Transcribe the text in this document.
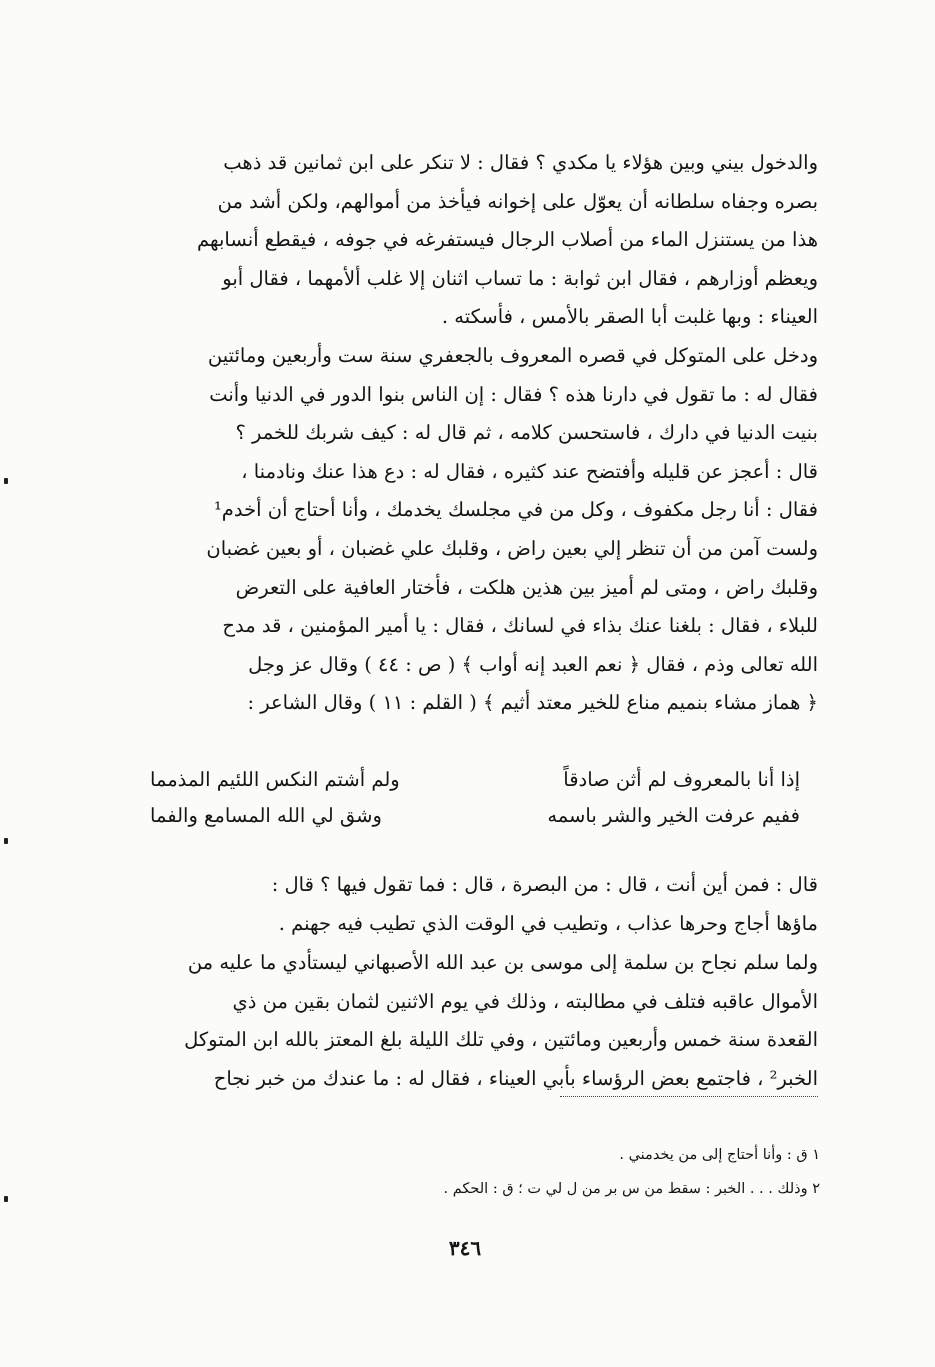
والدخول بيني وبين هؤلاء يا مكدي ؟ فقال : لا تنكر على ابن ثمانين قد ذهب
بصره وجفاه سلطانه أن يعوّل على إخوانه فيأخذ من أموالهم، ولكن أشد من
هذا من يستنزل الماء من أصلاب الرجال فيستفرغه في جوفه ، فيقطع أنسابهم
ويعظم أوزارهم ، فقال ابن ثوابة : ما تساب اثنان إلا غلب ألأمهما ، فقال أبو
العيناء : وبها غلبت أبا الصقر بالأمس ، فأسكته .
ودخل على المتوكل في قصره المعروف بالجعفري سنة ست وأربعين ومائتين
فقال له : ما تقول في دارنا هذه ؟ فقال : إن الناس بنوا الدور في الدنيا وأنت
بنيت الدنيا في دارك ، فاستحسن كلامه ، ثم قال له : كيف شربك للخمر ؟
قال : أعجز عن قليله وأفتضح عند كثيره ، فقال له : دع هذا عنك ونادمنا ،
فقال : أنا رجل مكفوف ، وكل من في مجلسك يخدمك ، وأنا أحتاج أن أخدم¹
ولست آمن من أن تنظر إلي بعين راض ، وقلبك علي غضبان ، أو بعين غضبان
وقلبك راض ، ومتى لم أميز بين هذين هلكت ، فأختار العافية على التعرض
للبلاء ، فقال : بلغنا عنك بذاء في لسانك ، فقال : يا أمير المؤمنين ، قد مدح
الله تعالى وذم ، فقال ﴿ نعم العبد إنه أواب ﴾ ( ص : ٤٤ ) وقال عز وجل
﴿ هماز مشاء بنميم مناع للخير معتد أثيم ﴾ ( القلم : ١١ ) وقال الشاعر :
إذا أنا بالمعروف لم أثن صادقاً
ولم أشتم النكس اللئيم المذمما
ففيم عرفت الخير والشر باسمه
وشق لي الله المسامع والفما
قال : فمن أين أنت ، قال : من البصرة ، قال : فما تقول فيها ؟ قال :
ماؤها أجاج وحرها عذاب ، وتطيب في الوقت الذي تطيب فيه جهنم .
ولما سلم نجاح بن سلمة إلى موسى بن عبد الله الأصبهاني ليستأدي ما عليه من
الأموال عاقبه فتلف في مطالبته ، وذلك في يوم الاثنين لثمان بقين من ذي
القعدة سنة خمس وأربعين ومائتين ، وفي تلك الليلة بلغ المعتز بالله ابن المتوكل
الخبر² ، فاجتمع بعض الرؤساء بأبي العيناء ، فقال له : ما عندك من خبر نجاح
١ ق : وأنا أحتاج إلى من يخدمني .
٢ وذلك . . . الخبر : سقط من س بر من ل لي ت ؛ ق : الحكم .
٣٤٦
